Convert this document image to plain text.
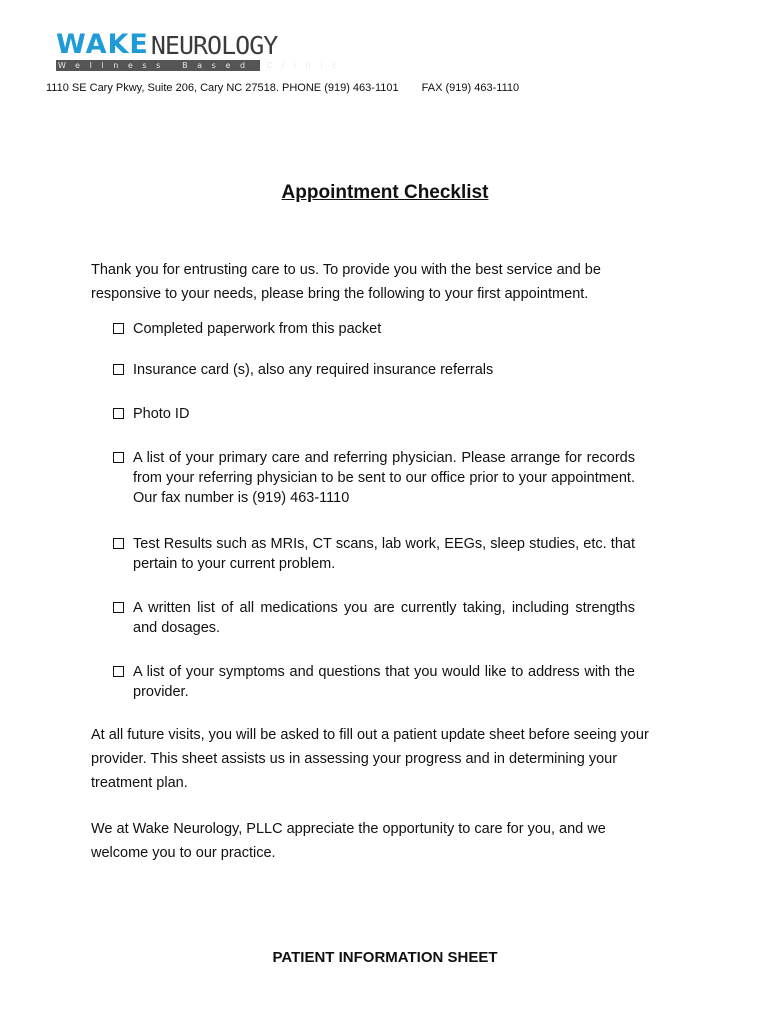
WAKE NEUROLOGY
Wellness Based Clinic
1110 SE Cary Pkwy, Suite 206, Cary NC 27518. PHONE (919) 463-1101 FAX (919) 463-1110
Appointment Checklist
Thank you for entrusting care to us. To provide you with the best service and be responsive to your needs, please bring the following to your first appointment.
Completed paperwork from this packet
Insurance card (s), also any required insurance referrals
Photo ID
A list of your primary care and referring physician. Please arrange for records from your referring physician to be sent to our office prior to your appointment. Our fax number is (919) 463-1110
Test Results such as MRIs, CT scans, lab work, EEGs, sleep studies, etc. that pertain to your current problem.
A written list of all medications you are currently taking, including strengths and dosages.
A list of your symptoms and questions that you would like to address with the provider.
At all future visits, you will be asked to fill out a patient update sheet before seeing your provider. This sheet assists us in assessing your progress and in determining your treatment plan.
We at Wake Neurology, PLLC appreciate the opportunity to care for you, and we welcome you to our practice.
PATIENT INFORMATION SHEET
